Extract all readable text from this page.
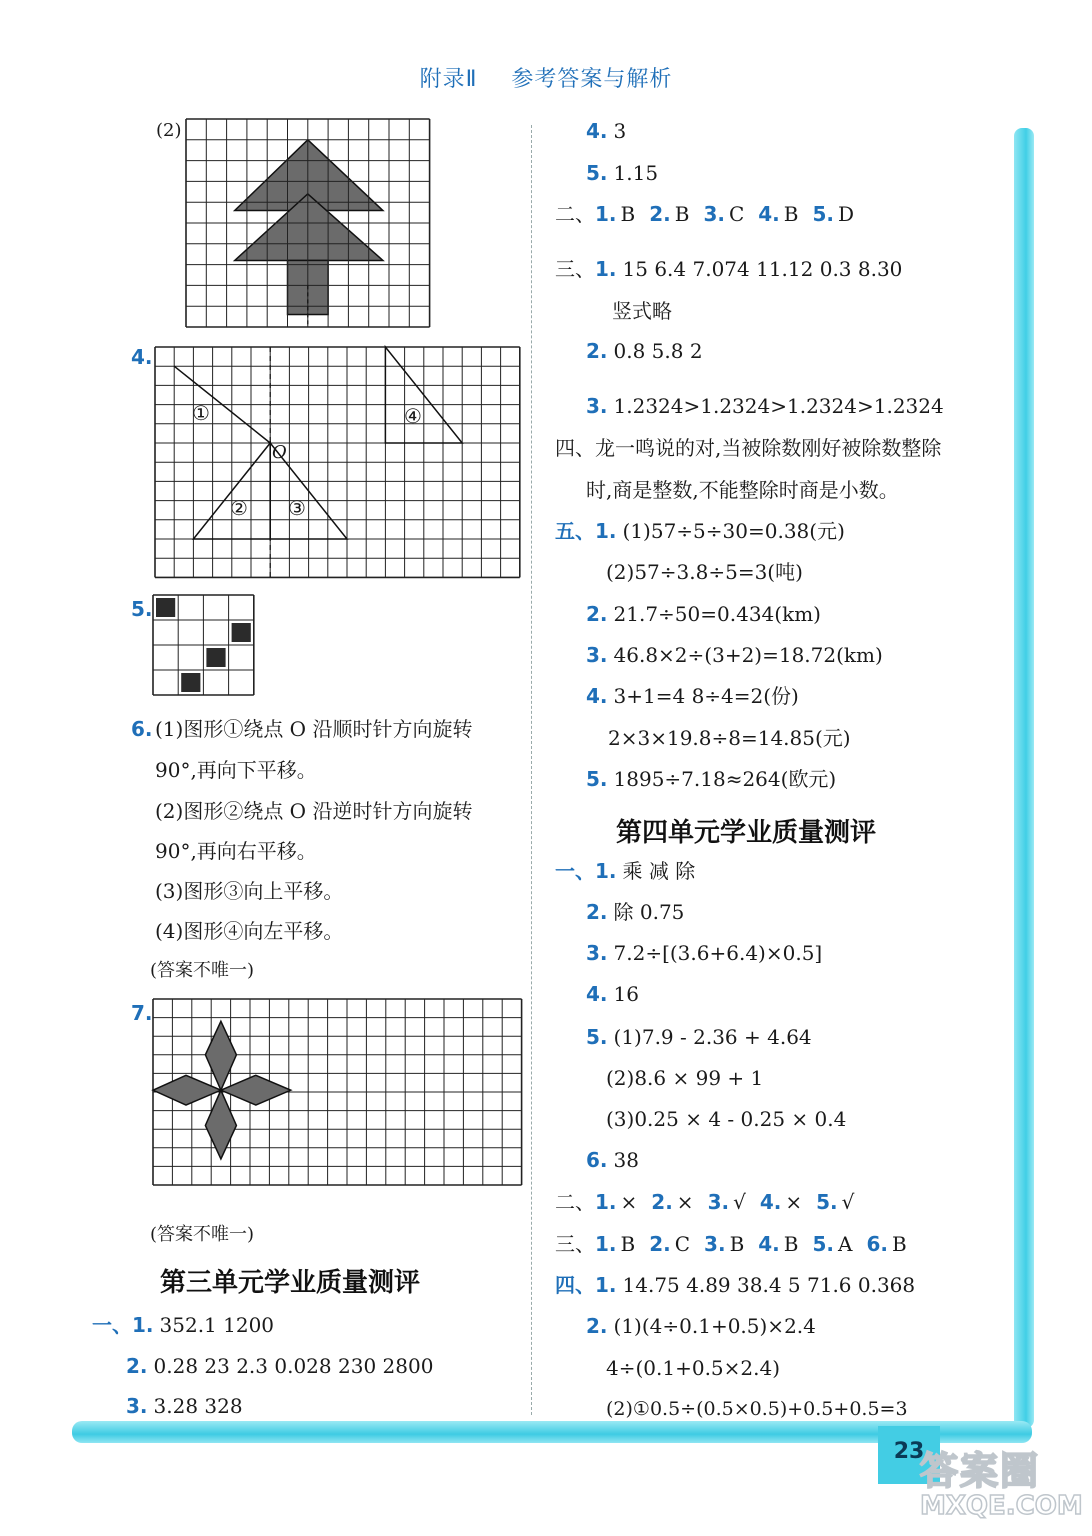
附录Ⅱ 参考答案与解析
23
(2)
4.
①
② ③
④
O
5.
6. (1)图形①绕点 O 沿顺时针方向旋转
90°,再向下平移。
(2)图形②绕点 O 沿逆时针方向旋转
90°,再向右平移。
(3)图形③向上平移。
(4)图形④向左平移。
(答案不唯一)
7.
(答案不唯一)
第三单元学业质量测评
一、1. 352.1 1200
2. 0.28 23 2.3 0.028 230 2800
3. 3.28 328
4. 3
5. 1.15
二、1. B 2. B 3. C 4. B 5. D
三、1. 15 6.4 7.074 11.12 0.3 8.30
竖式略
2. 0.8 5.8 2
3. 1.2324>1.2324>1.2324>1.2324
四、龙一鸣说的对,当被除数刚好被除数整除
时,商是整数,不能整除时商是小数。
五、1. (1)57÷5÷30=0.38(元)
(2)57÷3.8÷5=3(吨)
2. 21.7÷50=0.434(km)
3. 46.8×2÷(3+2)=18.72(km)
4. 3+1=4 8÷4=2(份)
2×3×19.8÷8=14.85(元)
5. 1895÷7.18≈264(欧元)
第四单元学业质量测评
一、1. 乘 减 除
2. 除 0.75
3. 7.2÷[(3.6+6.4)×0.5]
4. 16
5. (1)7.9 - 2.36 + 4.64
(2)8.6 × 99 + 1
(3)0.25 × 4 - 0.25 × 0.4
6. 38
二、1. × 2. × 3. √ 4. × 5. √
三、1. B 2. C 3. B 4. B 5. A 6. B
四、1. 14.75 4.89 38.4 5 71.6 0.368
2. (1)(4÷0.1+0.5)×2.4
4÷(0.1+0.5×2.4)
(2)①0.5÷(0.5×0.5)+0.5+0.5=3
答案圈
MXQE.COM
